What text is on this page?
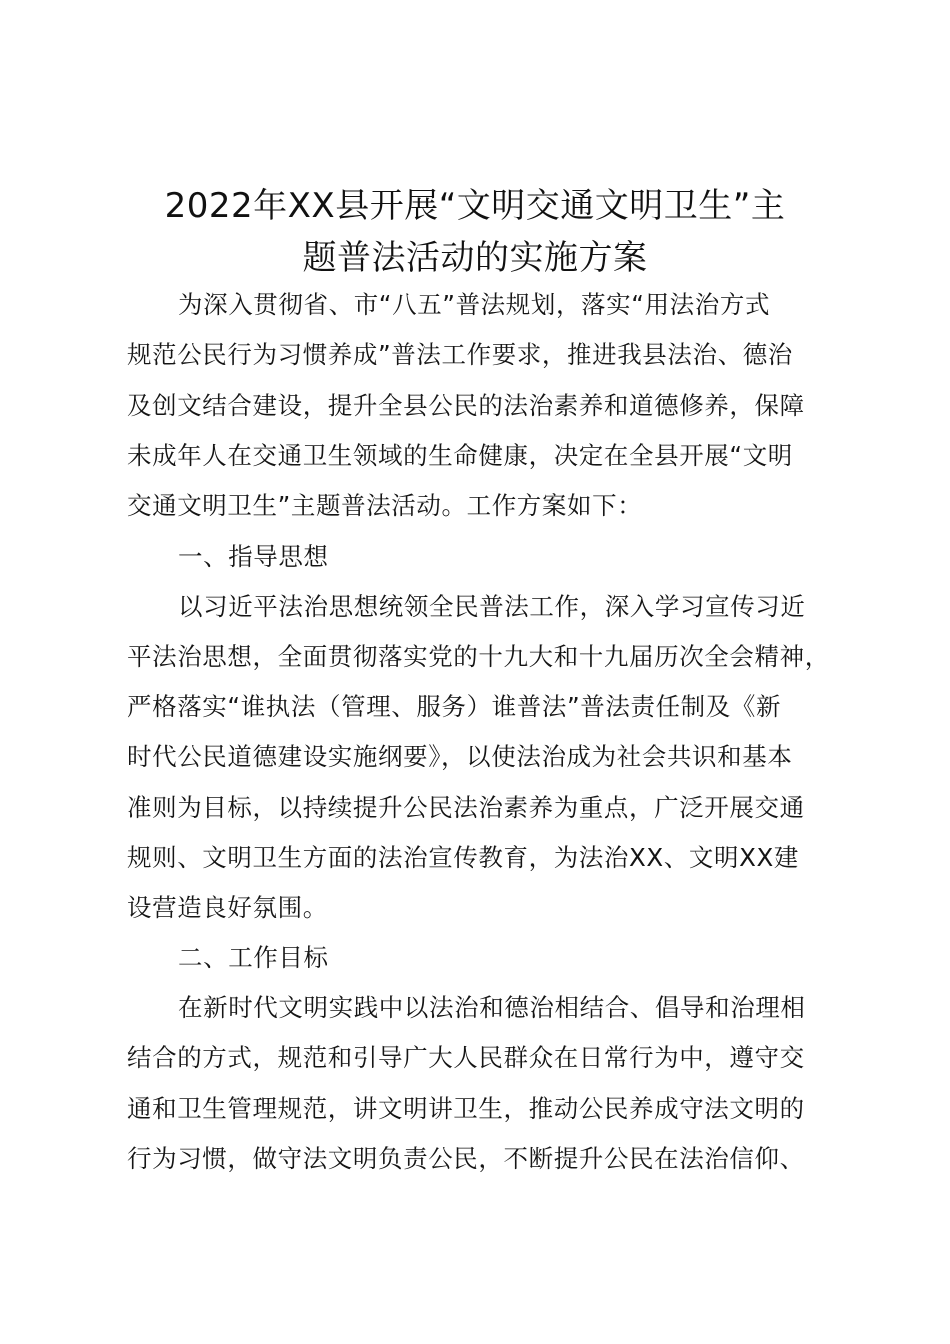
2022年XX县开展“文明交通文明卫生”主
题普法活动的实施方案
为深入贯彻省、市“八五”普法规划，落实“用法治方式
规范公民行为习惯养成”普法工作要求，推进我县法治、德治
及创文结合建设，提升全县公民的法治素养和道德修养，保障
未成年人在交通卫生领域的生命健康，决定在全县开展“文明
交通文明卫生”主题普法活动。工作方案如下：
一、指导思想
以习近平法治思想统领全民普法工作，深入学习宣传习近
平法治思想，全面贯彻落实党的十九大和十九届历次全会精神，
严格落实“谁执法（管理、服务）谁普法”普法责任制及《新
时代公民道德建设实施纲要》，以使法治成为社会共识和基本
准则为目标，以持续提升公民法治素养为重点，广泛开展交通
规则、文明卫生方面的法治宣传教育，为法治XX、文明XX建
设营造良好氛围。
二、工作目标
在新时代文明实践中以法治和德治相结合、倡导和治理相
结合的方式，规范和引导广大人民群众在日常行为中，遵守交
通和卫生管理规范，讲文明讲卫生，推动公民养成守法文明的
行为习惯，做守法文明负责公民，不断提升公民在法治信仰、
